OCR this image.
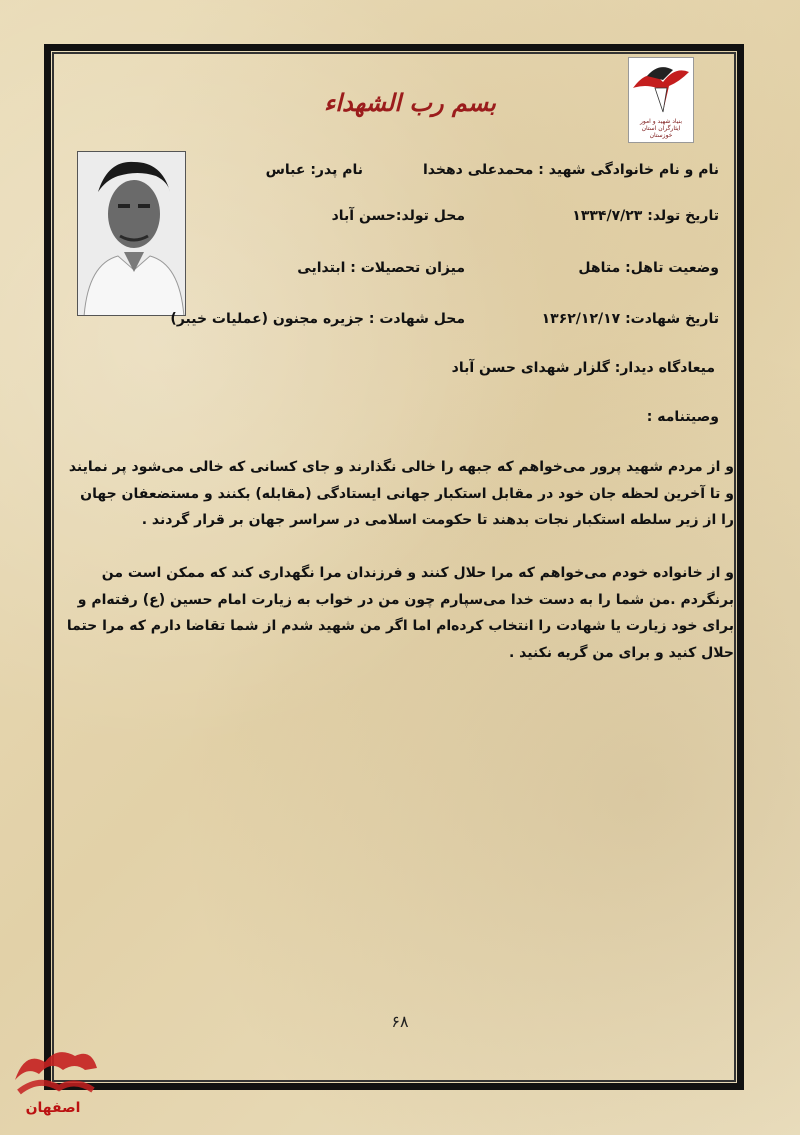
بسم رب الشهداء
بنیاد شهید و امور ایثارگران استان خوزستان
نام و نام خانوادگی شهید : محمدعلی دهخدا
نام پدر: عباس
تاریخ تولد: ۱۳۳۴/۷/۲۳
محل تولد:حسن آباد
وضعیت تاهل: متاهل
میزان تحصیلات : ابتدایی
تاریخ شهادت: ۱۳۶۲/۱۲/۱۷
محل شهادت : جزیره مجنون (عملیات خیبر)
میعادگاه دیدار: گلزار شهدای حسن آباد
وصیتنامه :
و از مردم شهید پرور می‌خواهم که جبهه را خالی نگذارند و جای کسانی که خالی می‌شود پر نمایند و تا آخرین لحظه جان خود در مقابل استکبار جهانی ایستادگی (مقابله) بکنند و مستضعفان جهان را از زیر سلطه استکبار نجات بدهند تا حکومت اسلامی در سراسر جهان بر قرار گردند .
و از خانواده خودم می‌خواهم که مرا حلال کنند و فرزندان مرا نگهداری کند که ممکن است من برنگردم .من شما را به دست خدا می‌سپارم چون من در خواب به زیارت امام حسین (ع) رفته‌ام و برای خود زیارت یا شهادت را انتخاب کرده‌ام اما اگر من شهید شدم از شما تقاضا دارم که مرا حتما حلال کنید و برای من گریه نکنید .
۶۸
اصفهان
